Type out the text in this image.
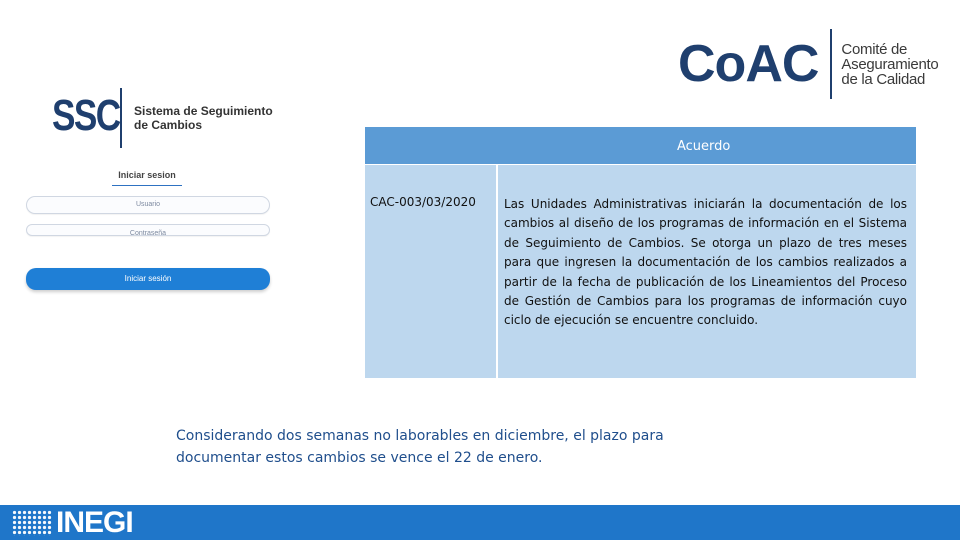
CoAC Comité de
Aseguramiento
de la Calidad
SSC Sistema de Seguimiento
de Cambios
Iniciar sesion
Usuario
Contraseña
Iniciar sesión
Acuerdo
CAC-003/03/2020 Las Unidades Administrativas iniciarán la documentación de los cambios al diseño de los programas de información en el Sistema de Seguimiento de Cambios. Se otorga un plazo de tres meses para que ingresen la documentación de los cambios realizados a partir de la fecha de publicación de los Lineamientos del Proceso de Gestión de Cambios para los programas de información cuyo ciclo de ejecución se encuentre concluido.
Considerando dos semanas no laborables en diciembre, el plazo para
documentar estos cambios se vence el 22 de enero.
INEGI
